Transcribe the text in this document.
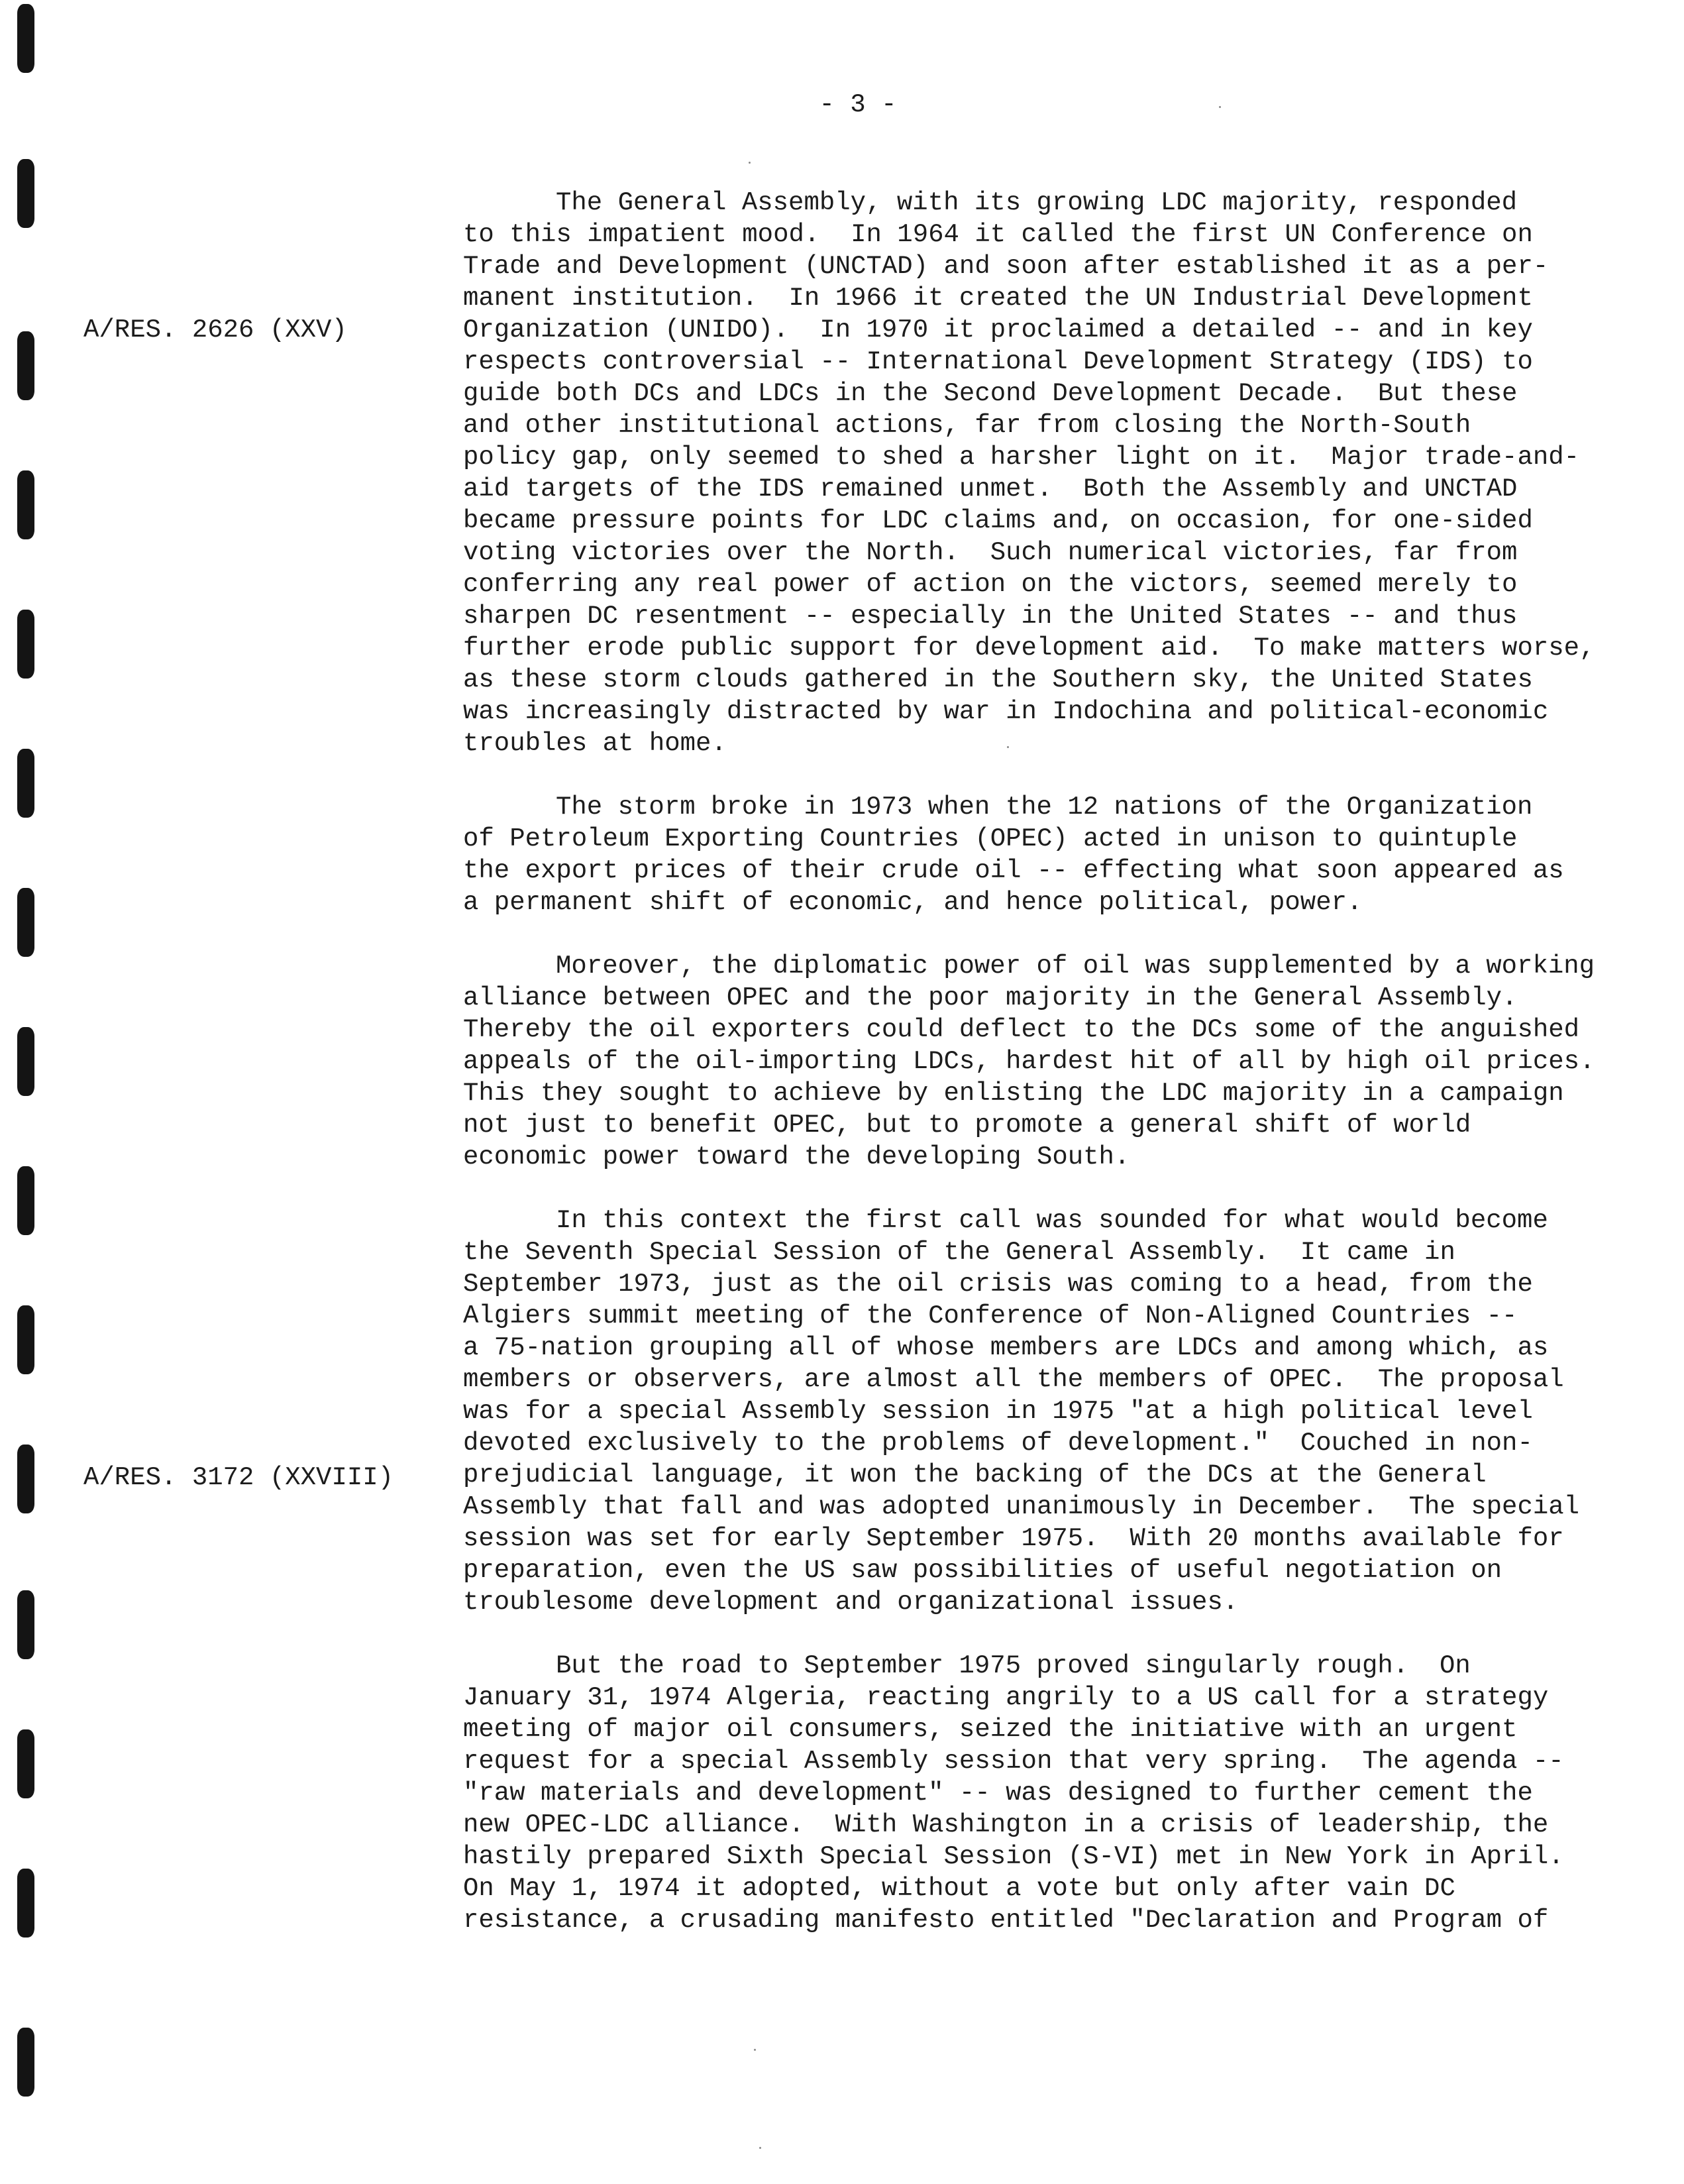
- 3 -
A/RES. 2626 (XXV)
A/RES. 3172 (XXVIII)
The General Assembly, with its growing LDC majority, responded
to this impatient mood.  In 1964 it called the first UN Conference on
Trade and Development (UNCTAD) and soon after established it as a per-
manent institution.  In 1966 it created the UN Industrial Development
Organization (UNIDO).  In 1970 it proclaimed a detailed -- and in key
respects controversial -- International Development Strategy (IDS) to
guide both DCs and LDCs in the Second Development Decade.  But these
and other institutional actions, far from closing the North-South
policy gap, only seemed to shed a harsher light on it.  Major trade-and-
aid targets of the IDS remained unmet.  Both the Assembly and UNCTAD
became pressure points for LDC claims and, on occasion, for one-sided
voting victories over the North.  Such numerical victories, far from
conferring any real power of action on the victors, seemed merely to
sharpen DC resentment -- especially in the United States -- and thus
further erode public support for development aid.  To make matters worse,
as these storm clouds gathered in the Southern sky, the United States
was increasingly distracted by war in Indochina and political-economic
troubles at home.
The storm broke in 1973 when the 12 nations of the Organization
of Petroleum Exporting Countries (OPEC) acted in unison to quintuple
the export prices of their crude oil -- effecting what soon appeared as
a permanent shift of economic, and hence political, power.
Moreover, the diplomatic power of oil was supplemented by a working
alliance between OPEC and the poor majority in the General Assembly.
Thereby the oil exporters could deflect to the DCs some of the anguished
appeals of the oil-importing LDCs, hardest hit of all by high oil prices.
This they sought to achieve by enlisting the LDC majority in a campaign
not just to benefit OPEC, but to promote a general shift of world
economic power toward the developing South.
In this context the first call was sounded for what would become
the Seventh Special Session of the General Assembly.  It came in
September 1973, just as the oil crisis was coming to a head, from the
Algiers summit meeting of the Conference of Non-Aligned Countries --
a 75-nation grouping all of whose members are LDCs and among which, as
members or observers, are almost all the members of OPEC.  The proposal
was for a special Assembly session in 1975 "at a high political level
devoted exclusively to the problems of development."  Couched in non-
prejudicial language, it won the backing of the DCs at the General
Assembly that fall and was adopted unanimously in December.  The special
session was set for early September 1975.  With 20 months available for
preparation, even the US saw possibilities of useful negotiation on
troublesome development and organizational issues.
But the road to September 1975 proved singularly rough.  On
January 31, 1974 Algeria, reacting angrily to a US call for a strategy
meeting of major oil consumers, seized the initiative with an urgent
request for a special Assembly session that very spring.  The agenda --
"raw materials and development" -- was designed to further cement the
new OPEC-LDC alliance.  With Washington in a crisis of leadership, the
hastily prepared Sixth Special Session (S-VI) met in New York in April.
On May 1, 1974 it adopted, without a vote but only after vain DC
resistance, a crusading manifesto entitled "Declaration and Program of
